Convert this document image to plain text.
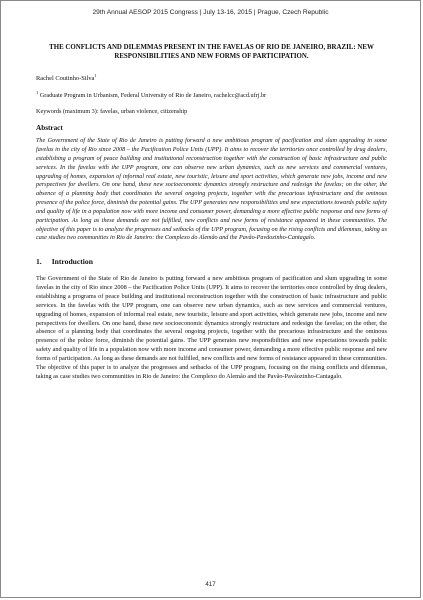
29th Annual AESOP 2015 Congress | July 13-16, 2015 | Prague, Czech Republic

THE CONFLICTS AND DILEMMAS PRESENT IN THE FAVELAS OF RIO DE JANEIRO, BRAZIL: NEW RESPONSIBILITIES AND NEW FORMS OF PARTICIPATION.

Rachel Coutinho-Silva$^1$
$^1$ Graduate Program in Urbanism, Federal University of Rio de Janeiro, rachelcc@acd.ufrj.br
Keywords (maximum 3): favelas, urban violence, citizenship
Abstract
The Government of the State of Rio de Janeiro is putting forward a new ambitious program of pacification and slum upgrading in some favelas in the city of Rio since 2008 – the Pacification Police Units (UPP). It aims to recover the territories once controlled by drug dealers, establishing a program of peace building and institutional reconstruction together with the construction of basic infrastructure and public services. In the favelas with the UPP program, one can observe new urban dynamics, such as new services and commercial ventures, upgrading of homes, expansion of informal real estate, new touristic, leisure and sport activities, which generate new jobs, income and new perspectives for dwellers. On one hand, these new socioeconomic dynamics strongly restructure and redesign the favelas; on the other, the absence of a planning body that coordinates the several ongoing projects, together with the precarious infrastructure and the ominous presence of the police force, diminish the potential gains. The UPP generates new responsibilities and new expectations towards public safety and quality of life in a population now with more income and consumer power, demanding a more effective public response and new forms of participation. As long as these demands are not fulfilled, new conflicts and new forms of resistance appeared in these communities. The objective of this paper is to analyze the progresses and setbacks of the UPP program, focusing on the rising conflicts and dilemmas, taking as case studies two communities in Rio de Janeiro: the Complexo do Alemão and the Pavão-Pavãozinho-Cantagalo.
1. Introduction
The Government of the State of Rio de Janeiro is putting forward a new ambitious program of pacification and slum upgrading in some favelas in the city of Rio since 2008 – the Pacification Police Units (UPP). It aims to recover the territories once controlled by drug dealers, establishing a programs of peace building and institutional reconstruction together with the construction of basic infrastructure and public services. In the favelas with the UPP program, one can observe new urban dynamics, such as new services and commercial ventures, upgrading of homes, expansion of informal real estate, new touristic, leisure and sport activities, which generate new jobs, income and new perspectives for dwellers. On one hand, these new socioeconomic dynamics strongly restructure and redesign the favelas; on the other, the absence of a planning body that coordinates the several ongoing projects, together with the precarious infrastructure and the ominous presence of the police force, diminish the potential gains. The UPP generates new responsibilities and new expectations towards public safety and quality of life in a population now with more income and consumer power, demanding a more effective public response and new forms of participation. As long as these demands are not fulfilled, new conflicts and new forms of resistance appeared in these communities. The objective of this paper is to analyze the progresses and setbacks of the UPP program, focusing on the rising conflicts and dilemmas, taking as case studies two communities in Rio de Janeiro: the Complexo do Alemão and the Pavão-Pavãozinho-Cantagalo.
417
